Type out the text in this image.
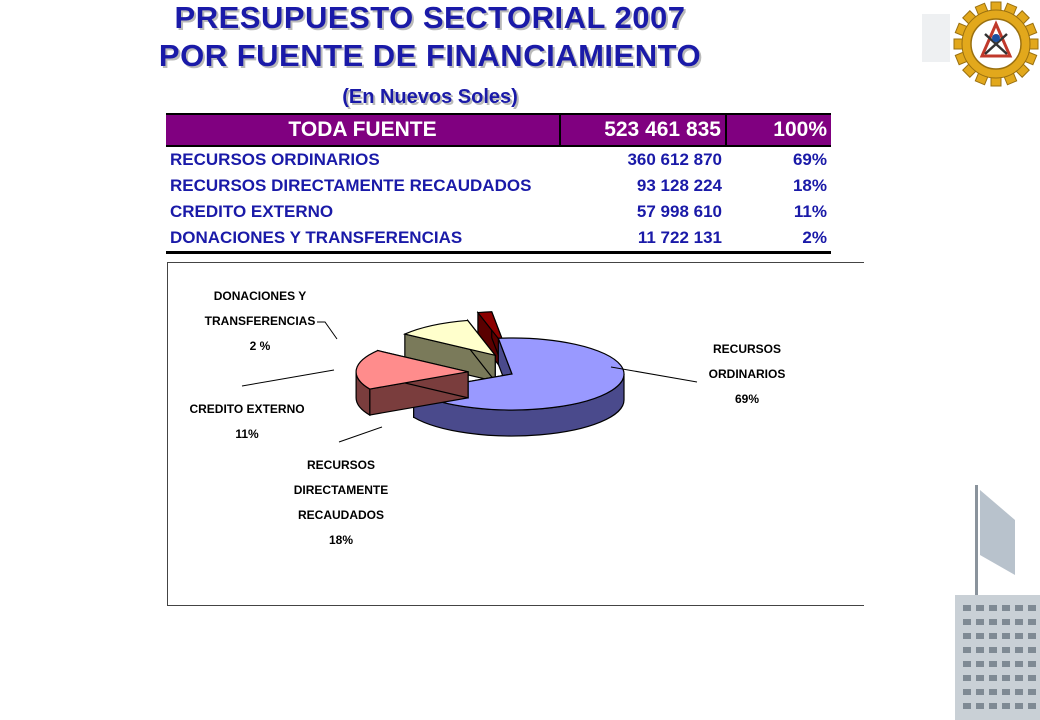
PRESUPUESTO SECTORIAL 2007
POR FUENTE DE FINANCIAMIENTO
(En Nuevos Soles)
TODA FUENTE	523 461 835	100%
RECURSOS ORDINARIOS	360 612 870	69%
RECURSOS DIRECTAMENTE RECAUDADOS	93 128 224	18%
CREDITO EXTERNO	57 998 610	11%
DONACIONES Y TRANSFERENCIAS	11 722 131	2%
RECURSOS
ORDINARIOS
69%
RECURSOS
DIRECTAMENTE
RECAUDADOS
18%
CREDITO EXTERNO
11%
DONACIONES Y
TRANSFERENCIAS
2 %
